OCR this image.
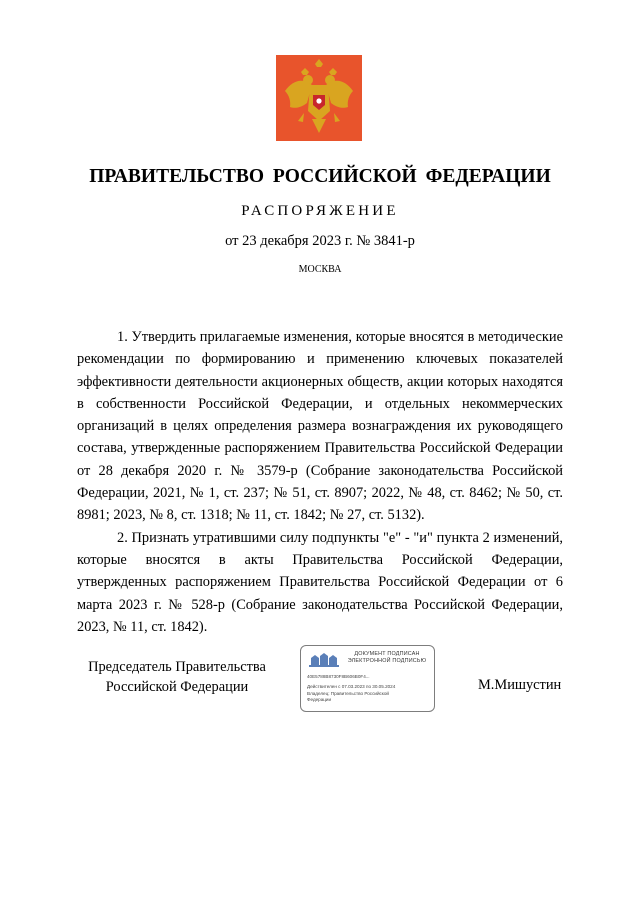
ПРАВИТЕЛЬСТВО РОССИЙСКОЙ ФЕДЕРАЦИИ
РАСПОРЯЖЕНИЕ
от 23 декабря 2023 г. № 3841-р
МОСКВА

1. Утвердить прилагаемые изменения, которые вносятся в методические рекомендации по формированию и применению ключевых показателей эффективности деятельности акционерных обществ, акции которых находятся в собственности Российской Федерации, и отдельных некоммерческих организаций в целях определения размера вознаграждения их руководящего состава, утвержденные распоряжением Правительства Российской Федерации от 28 декабря 2020 г. № 3579-р (Собрание законодательства Российской Федерации, 2021, № 1, ст. 237; № 51, ст. 8907; 2022, № 48, ст. 8462; № 50, ст. 8981; 2023, № 8, ст. 1318; № 11, ст. 1842; № 27, ст. 5132).

2. Признать утратившими силу подпункты "е" - "и" пункта 2 изменений, которые вносятся в акты Правительства Российской Федерации, утвержденных распоряжением Правительства Российской Федерации от 6 марта 2023 г. № 528-р (Собрание законодательства Российской Федерации, 2023, № 11, ст. 1842).

Председатель Правительства
Российской Федерации
ДОКУМЕНТ ПОДПИСАН
ЭЛЕКТРОННОЙ ПОДПИСЬЮ
40E5788B8730F8B606B0F4...
Действителен с 07.03.2023 по 30.05.2024
Владелец: Правительство Российской
Федерации
М.Мишустин
